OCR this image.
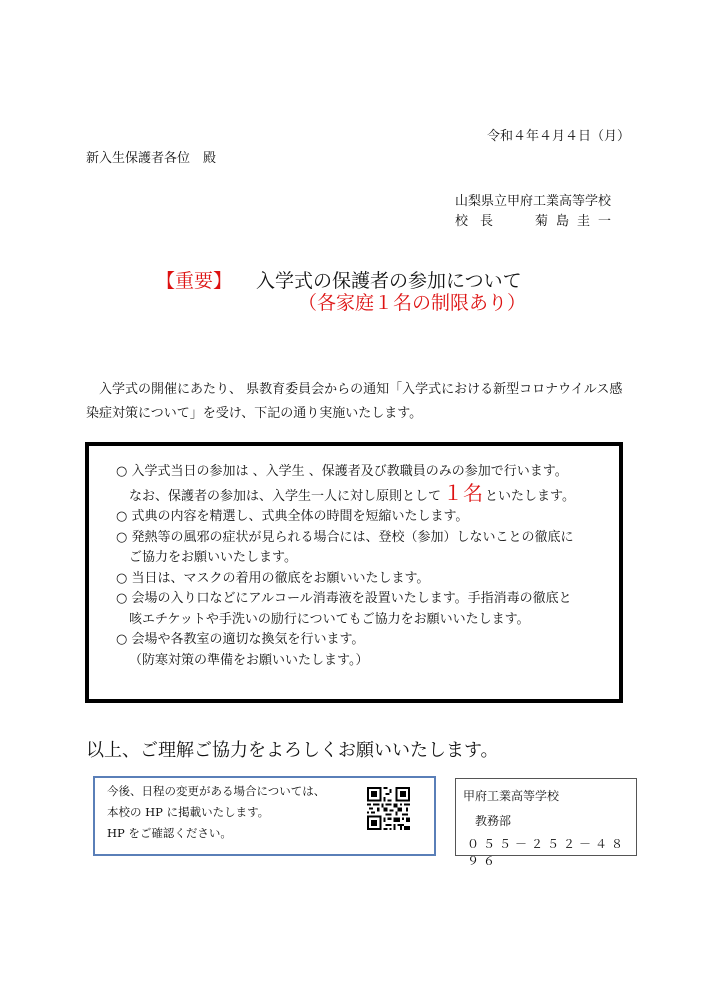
令和４年４月４日（月）
新入生保護者各位　殿
山梨県立甲府工業高等学校
校長 菊島圭一
【重要】 入学式の保護者の参加について
（各家庭１名の制限あり）
入学式の開催にあたり、 県教育委員会からの通知「入学式における新型コロナウイルス感染症対策について」を受け、下記の通り実施いたします。
○ 入学式当日の参加は 、入学生 、保護者及び教職員のみの参加で行います。
なお、保護者の参加は、入学生一人に対し原則として １名 といたします。
○ 式典の内容を精選し、式典全体の時間を短縮いたします。
○ 発熱等の風邪の症状が見られる場合には、登校（参加）しないことの徹底に
ご協力をお願いいたします。
○ 当日は、マスクの着用の徹底をお願いいたします。
○ 会場の入り口などにアルコール消毒液を設置いたします。手指消毒の徹底と
咳エチケットや手洗いの励行についてもご協力をお願いいたします。
○ 会場や各教室の適切な換気を行います。
（防寒対策の準備をお願いいたします。）
以上、ご理解ご協力をよろしくお願いいたします。
今後、日程の変更がある場合については、
本校の HP に掲載いたします。
HP をご確認ください。
甲府工業高等学校
教務部
０５５－２５２－４８９６
